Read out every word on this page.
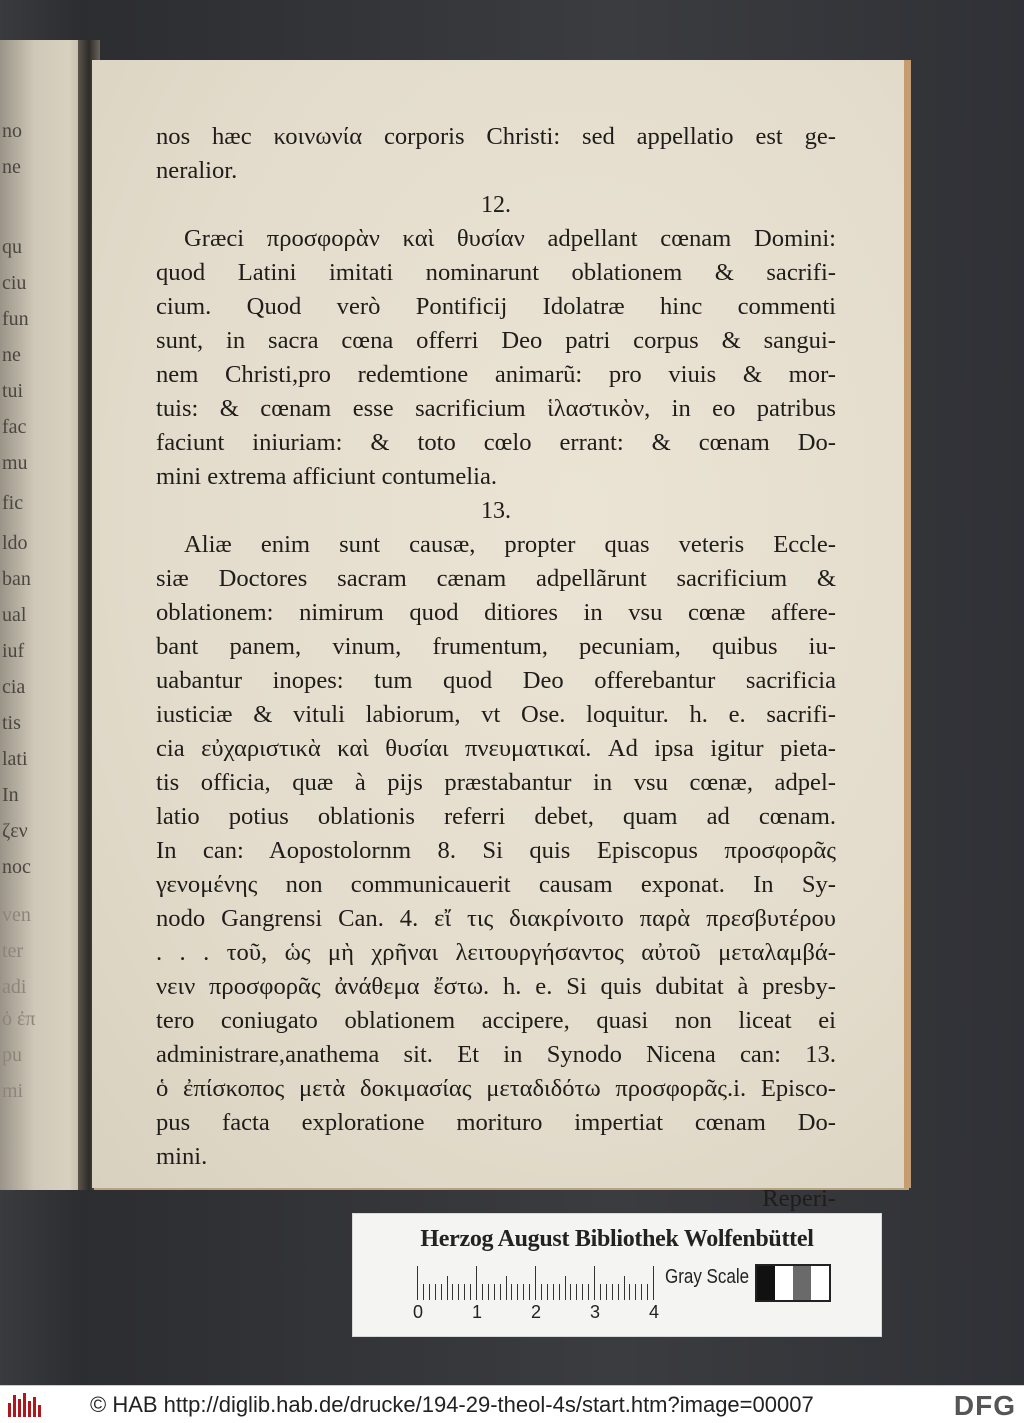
no
ne
qu
ciu
fun
ne
tui
fac
mu
fic
ldo
ban
ual
iuf
cia
tis
lati
In
ζεν
noc
ven
ter
adi
ὁ ἐπ
pu
mi
nos hæc κοινωνία corporis Christi: sed appellatio est ge-
neralior.
12.
Græci προσφορὰν καὶ θυσίαν adpellant cœnam Domini:
quod Latini imitati nominarunt oblationem & sacrifi-
cium. Quod verò Pontificij Idolatræ hinc commenti
sunt, in sacra cœna offerri Deo patri corpus & sangui-
nem Christi,pro redemtione animarũ: pro viuis & mor-
tuis: & cœnam esse sacrificium ἱλαστικὸν, in eo patribus
faciunt iniuriam: & toto cœlo errant: & cœnam Do-
mini extrema afficiunt contumelia.
13.
Aliæ enim sunt causæ, propter quas veteris Eccle-
siæ Doctores sacram cænam adpellãrunt sacrificium &
oblationem: nimirum quod ditiores in vsu cœnæ affere-
bant panem, vinum, frumentum, pecuniam, quibus iu-
uabantur inopes: tum quod Deo offerebantur sacrificia
iusticiæ & vituli labiorum, vt Ose. loquitur. h. e. sacrifi-
cia εὐχαριστικὰ καὶ θυσίαι πνευματικαί. Ad ipsa igitur pieta-
tis officia, quæ à pijs præstabantur in vsu cœnæ, adpel-
latio potius oblationis referri debet, quam ad cœnam.
In can: Aopostolornm 8. Si quis Episcopus προσφορᾶς
γενομένης non communicauerit causam exponat. In Sy-
nodo Gangrensi Can. 4. εἴ τις διακρίνοιτο παρὰ πρεσβυτέρου
. . . τοῦ, ὡς μὴ χρῆναι λειτουργήσαντος αὐτοῦ μεταλαμβά-
νειν προσφορᾶς ἀνάθεμα ἔστω. h. e. Si quis dubitat à presby-
tero coniugato oblationem accipere, quasi non liceat ei
administrare,anathema sit. Et in Synodo Nicena can: 13.
ὁ ἐπίσκοπος μετὰ δοκιμασίας μεταδιδότω προσφορᾶς.i. Episco-
pus facta exploratione morituro impertiat cœnam Do-
mini.
Reperi-
Herzog August Bibliothek Wolfenbüttel
0	1	2	3	4
Gray Scale
© HAB http://diglib.hab.de/drucke/194-29-theol-4s/start.htm?image=00007	DFG
